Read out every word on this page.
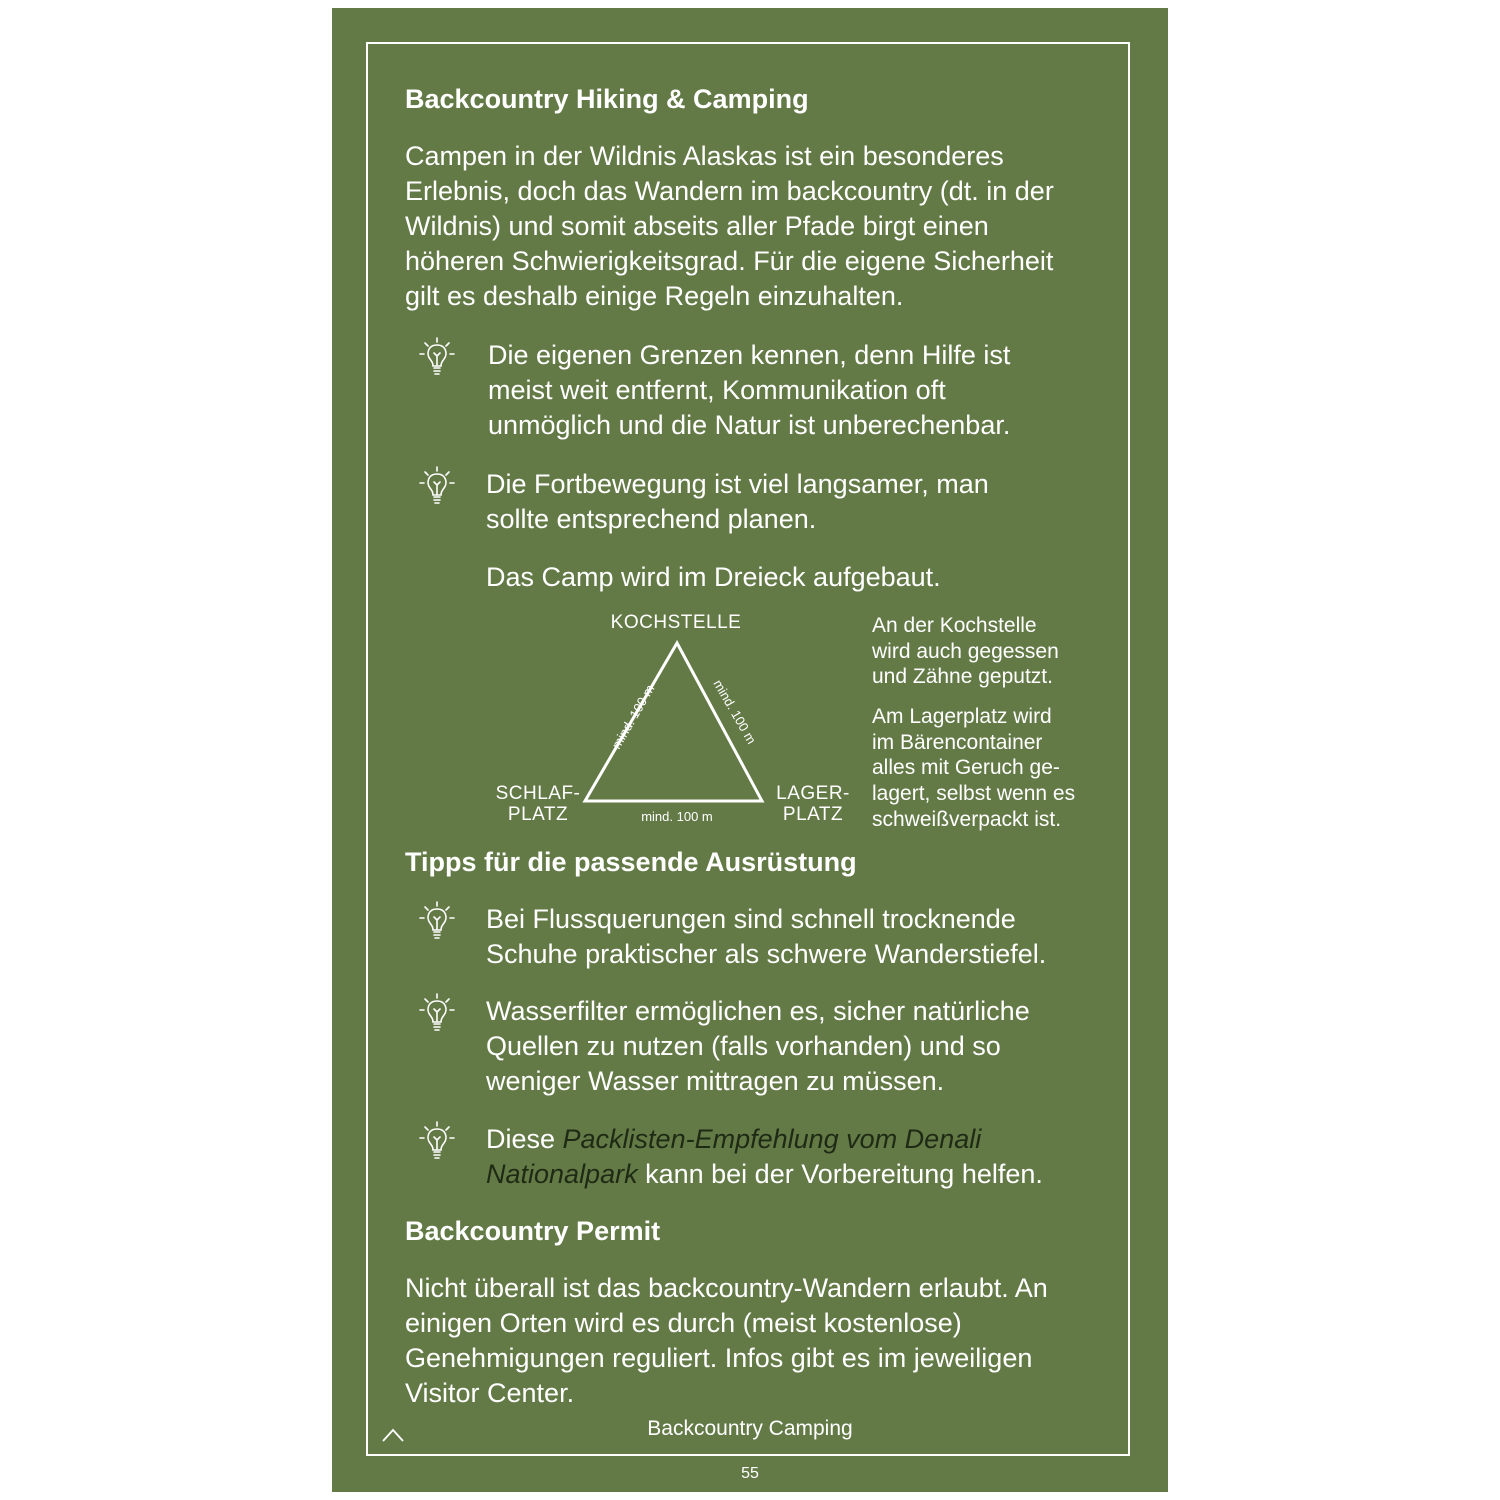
Backcountry Hiking & Camping
Campen in der Wildnis Alaskas ist ein besonderes
Erlebnis, doch das Wandern im backcountry (dt. in der
Wildnis) und somit abseits aller Pfade birgt einen
höheren Schwierigkeitsgrad. Für die eigene Sicherheit
gilt es deshalb einige Regeln einzuhalten.
Die eigenen Grenzen kennen, denn Hilfe ist
meist weit entfernt, Kommunikation oft
unmöglich und die Natur ist unberechenbar.
Die Fortbewegung ist viel langsamer, man
sollte entsprechend planen.
Das Camp wird im Dreieck aufgebaut.
mind. 100 m	mind. 100 m
mind. 100 m
KOCHSTELLE
SCHLAF-
PLATZ
LAGER-
PLATZ
An der Kochstelle
wird auch gegessen
und Zähne geputzt.
Am Lagerplatz wird
im Bärencontainer
alles mit Geruch ge-
lagert, selbst wenn es
schweißverpackt ist.
Tipps für die passende Ausrüstung
Bei Flussquerungen sind schnell trocknende
Schuhe praktischer als schwere Wanderstiefel.
Wasserfilter ermöglichen es, sicher natürliche
Quellen zu nutzen (falls vorhanden) und so
weniger Wasser mittragen zu müssen.
Diese Packlisten-Empfehlung vom Denali
Nationalpark kann bei der Vorbereitung helfen.
Backcountry Permit
Nicht überall ist das backcountry-Wandern erlaubt. An
einigen Orten wird es durch (meist kostenlose)
Genehmigungen reguliert. Infos gibt es im jeweiligen
Visitor Center.
Backcountry Camping
55
